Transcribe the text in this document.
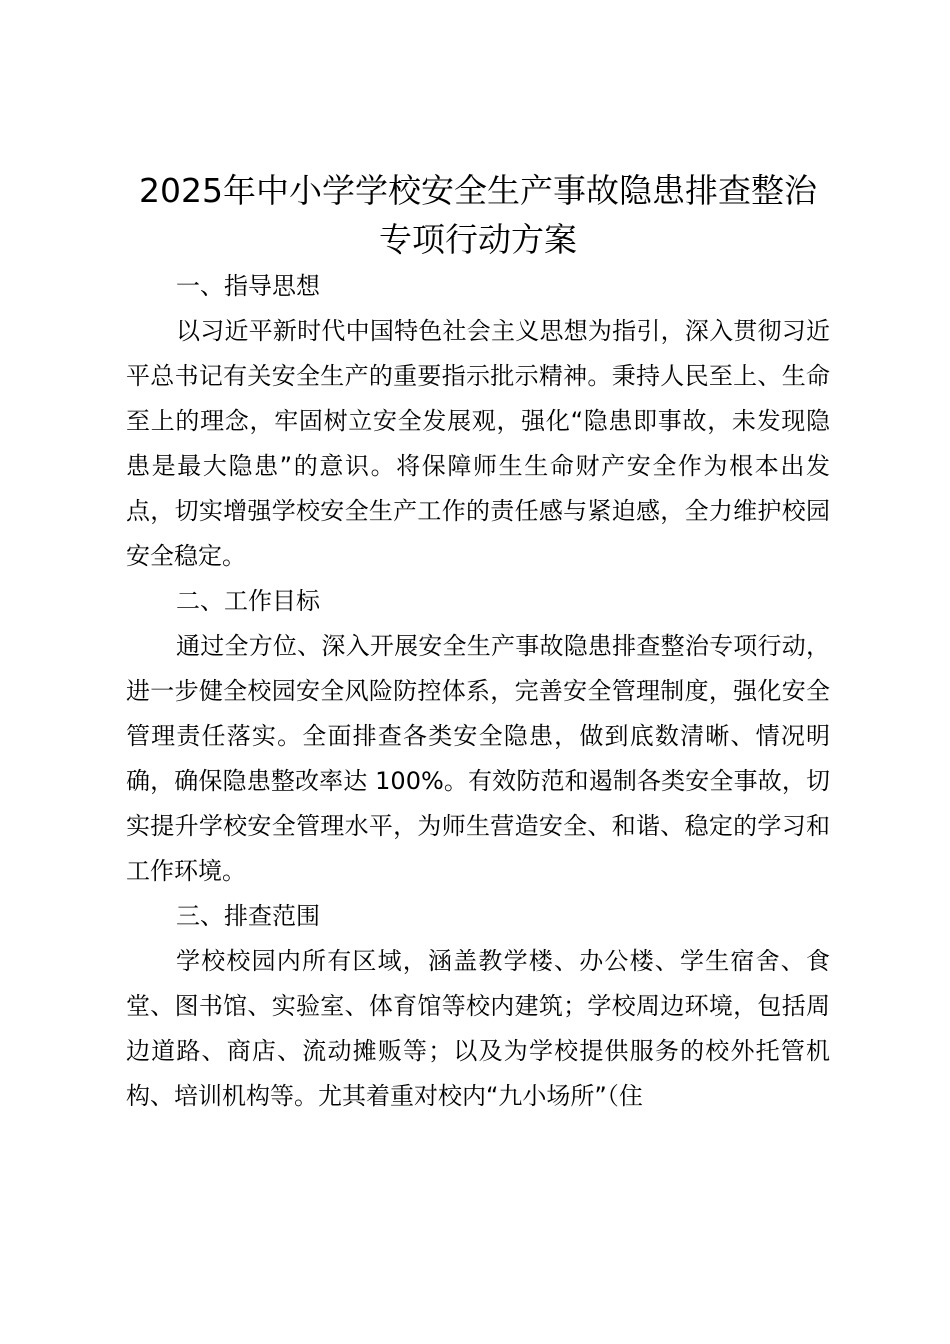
2025年中小学学校安全生产事故隐患排查整治专项行动方案

一、指导思想

以习近平新时代中国特色社会主义思想为指引，深入贯彻习近平总书记有关安全生产的重要指示批示精神。秉持人民至上、生命至上的理念，牢固树立安全发展观，强化“隐患即事故，未发现隐患是最大隐患”的意识。将保障师生生命财产安全作为根本出发点，切实增强学校安全生产工作的责任感与紧迫感，全力维护校园安全稳定。

二、工作目标

通过全方位、深入开展安全生产事故隐患排查整治专项行动，进一步健全校园安全风险防控体系，完善安全管理制度，强化安全管理责任落实。全面排查各类安全隐患，做到底数清晰、情况明确，确保隐患整改率达 100%。有效防范和遏制各类安全事故，切实提升学校安全管理水平，为师生营造安全、和谐、稳定的学习和工作环境。

三、排查范围

学校校园内所有区域，涵盖教学楼、办公楼、学生宿舍、食堂、图书馆、实验室、体育馆等校内建筑；学校周边环境，包括周边道路、商店、流动摊贩等；以及为学校提供服务的校外托管机构、培训机构等。尤其着重对校内“九小场所”（住
